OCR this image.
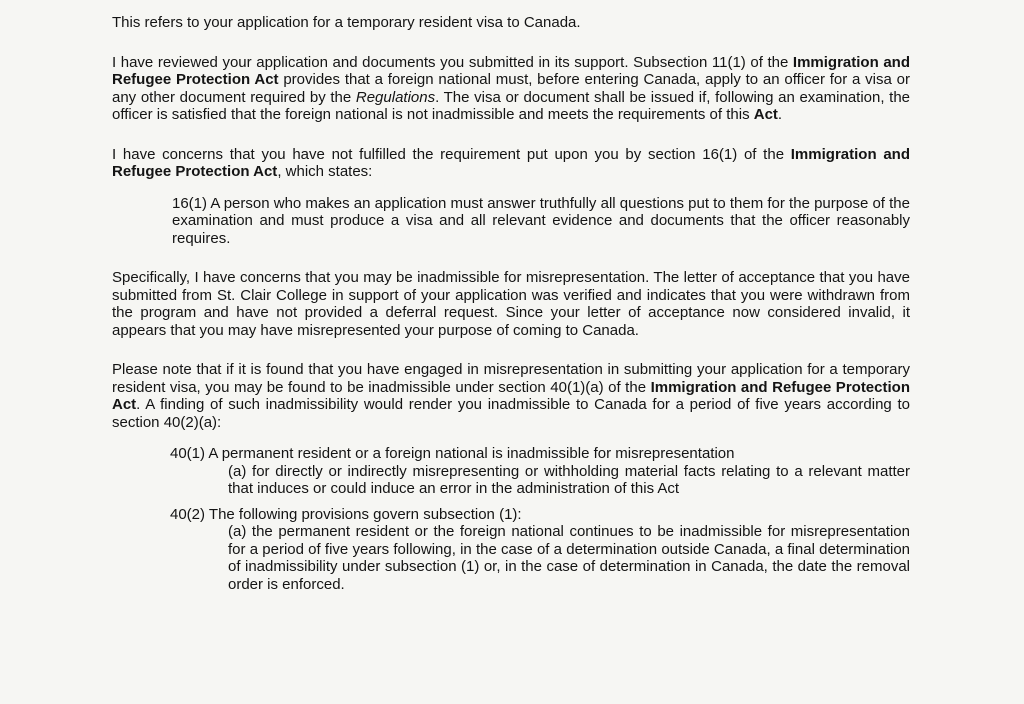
This refers to your application for a temporary resident visa to Canada.

I have reviewed your application and documents you submitted in its support. Subsection 11(1) of the Immigration and Refugee Protection Act provides that a foreign national must, before entering Canada, apply to an officer for a visa or any other document required by the Regulations. The visa or document shall be issued if, following an examination, the officer is satisfied that the foreign national is not inadmissible and meets the requirements of this Act.

I have concerns that you have not fulfilled the requirement put upon you by section 16(1) of the Immigration and Refugee Protection Act, which states:

16(1) A person who makes an application must answer truthfully all questions put to them for the purpose of the examination and must produce a visa and all relevant evidence and documents that the officer reasonably requires.

Specifically, I have concerns that you may be inadmissible for misrepresentation. The letter of acceptance that you have submitted from St. Clair College in support of your application was verified and indicates that you were withdrawn from the program and have not provided a deferral request. Since your letter of acceptance now considered invalid, it appears that you may have misrepresented your purpose of coming to Canada.

Please note that if it is found that you have engaged in misrepresentation in submitting your application for a temporary resident visa, you may be found to be inadmissible under section 40(1)(a) of the Immigration and Refugee Protection Act. A finding of such inadmissibility would render you inadmissible to Canada for a period of five years according to section 40(2)(a):

40(1) A permanent resident or a foreign national is inadmissible for misrepresentation
(a) for directly or indirectly misrepresenting or withholding material facts relating to a relevant matter that induces or could induce an error in the administration of this Act
40(2) The following provisions govern subsection (1):
(a) the permanent resident or the foreign national continues to be inadmissible for misrepresentation for a period of five years following, in the case of a determination outside Canada, a final determination of inadmissibility under subsection (1) or, in the case of determination in Canada, the date the removal order is enforced.
